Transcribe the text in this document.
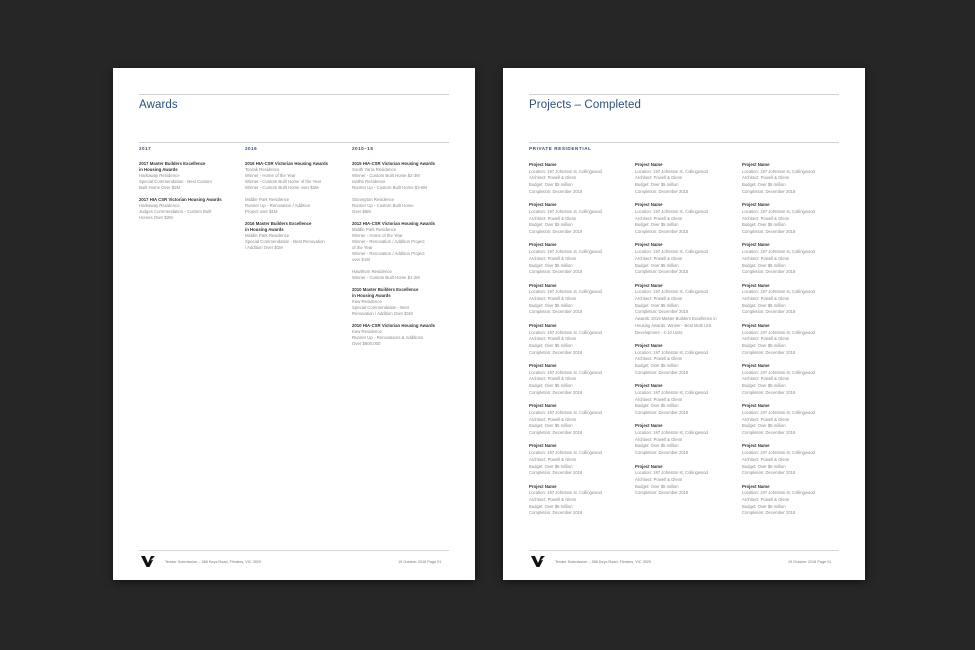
Awards
2017
2017 Master Builders Excellence
in Housing Awards
Harkaway Residence
Special Commendation - Best Custom
Built Home Over $2M
2017 HIA CSR Victorian Housing Awards
Harkaway Residence
Judges Commendation - Custom Built
Homes Over $2M
2016
2016 HIA-CSR Victorian Housing Awards
Toorak Residence
Winner - Home of the Year
Winner - Custom Built Home of the Year
Winner - Custom Built Home over $2M
Middle Park Residence
Runner Up - Renovation / Addition
Project over $1M
2016 Master Builders Excellence
in Housing Awards
Middle Park Residence
Special Commendation - Best Renovation
/ Addition Over $1M
2010–15
2015 HIA-CSR Victorian Housing Awards
South Yarra Residence
Winner - Custom Built Home $2-3M
Ianthe Residence
Runner Up - Custom Built Home $3-6M
Stonington Residence
Runner Up - Custom Built Home
Over $5M
2012 HIA-CSR Victorian Housing Awards
Middle Park Residence
Winner - Home of the Year
Winner - Renovation / Addition Project
of the Year
Winner - Renovation / Addition Project
over $1M
Hawthorn Residence
Winner - Custom Built Home $1-2M
2010 Master Builders Excellence
in Housing Awards
Kew Residence
Special Commendation - Best
Renovation / Addition Over $1M
2010 HIA-CSR Victorian Housing Awards
Kew Residence
Runner Up - Renovations & Additions
Over $600,000
Tender Submission – 386 Keys Road, Flinders, VIC 3929	19 October 2018 Page 01
Projects – Completed
PRIVATE RESIDENTIAL
Project Name
Location: 197 Johnston st, Collingwood
Architect: Powell & Glenn
Budget: Over $5 million
Completion: December 2018
Project Name
Location: 197 Johnston st, Collingwood
Architect: Powell & Glenn
Budget: Over $5 million
Completion: December 2019
Project Name
Location: 197 Johnston st, Collingwood
Architect: Powell & Glenn
Budget: Over $5 million
Completion: December 2018
Project Name
Location: 197 Johnston st, Collingwood
Architect: Powell & Glenn
Budget: Over $5 million
Completion: December 2018
Project Name
Location: 197 Johnston st, Collingwood
Architect: Powell & Glenn
Budget: Over $5 million
Completion: December 2018
Project Name
Location: 197 Johnston st, Collingwood
Architect: Powell & Glenn
Budget: Over $5 million
Completion: December 2019
Project Name
Location: 197 Johnston st, Collingwood
Architect: Powell & Glenn
Budget: Over $5 million
Completion: December 2018
Project Name
Location: 197 Johnston st, Collingwood
Architect: Powell & Glenn
Budget: Over $5 million
Completion: December 2018
Project Name
Location: 197 Johnston st, Collingwood
Architect: Powell & Glenn
Budget: Over $5 million
Completion: December 2019
Project Name
Location: 197 Johnston st, Collingwood
Architect: Powell & Glenn
Budget: Over $5 million
Completion: December 2018
Project Name
Location: 197 Johnston st, Collingwood
Architect: Powell & Glenn
Budget: Over $5 million
Completion: December 2018
Project Name
Location: 197 Johnston st, Collingwood
Architect: Powell & Glenn
Budget: Over $5 million
Completion: December 2018
Project Name
Location: 197 Johnston st, Collingwood
Architect: Powell & Glenn
Budget: Over $5 million
Completion: December 2019
Awards: 2019 Master Builders Excellence in
Housing Awards. Winner - Best Multi Unit
Development - 4-10 Units
Project Name
Location: 197 Johnston st, Collingwood
Architect: Powell & Glenn
Budget: Over $5 million
Completion: December 2018
Project Name
Location: 197 Johnston st, Collingwood
Architect: Powell & Glenn
Budget: Over $5 million
Completion: December 2018
Project Name
Location: 197 Johnston st, Collingwood
Architect: Powell & Glenn
Budget: Over $5 million
Completion: December 2018
Project Name
Location: 197 Johnston st, Collingwood
Architect: Powell & Glenn
Budget: Over $5 million
Completion: December 2018
Project Name
Location: 197 Johnston st, Collingwood
Architect: Powell & Glenn
Budget: Over $5 million
Completion: December 2018
Project Name
Location: 197 Johnston st, Collingwood
Architect: Powell & Glenn
Budget: Over $5 million
Completion: December 2018
Project Name
Location: 197 Johnston st, Collingwood
Architect: Powell & Glenn
Budget: Over $5 million
Completion: December 2018
Project Name
Location: 197 Johnston st, Collingwood
Architect: Powell & Glenn
Budget: Over $5 million
Completion: December 2018
Project Name
Location: 197 Johnston st, Collingwood
Architect: Powell & Glenn
Budget: Over $5 million
Completion: December 2018
Project Name
Location: 197 Johnston st, Collingwood
Architect: Powell & Glenn
Budget: Over $5 million
Completion: December 2019
Project Name
Location: 197 Johnston st, Collingwood
Architect: Powell & Glenn
Budget: Over $5 million
Completion: December 2019
Project Name
Location: 197 Johnston st, Collingwood
Architect: Powell & Glenn
Budget: Over $5 million
Completion: December 2018
Project Name
Location: 197 Johnston st, Collingwood
Architect: Powell & Glenn
Budget: Over $5 million
Completion: December 2018
Tender Submission – 386 Keys Road, Flinders, VIC 3929	19 October 2018 Page 01
